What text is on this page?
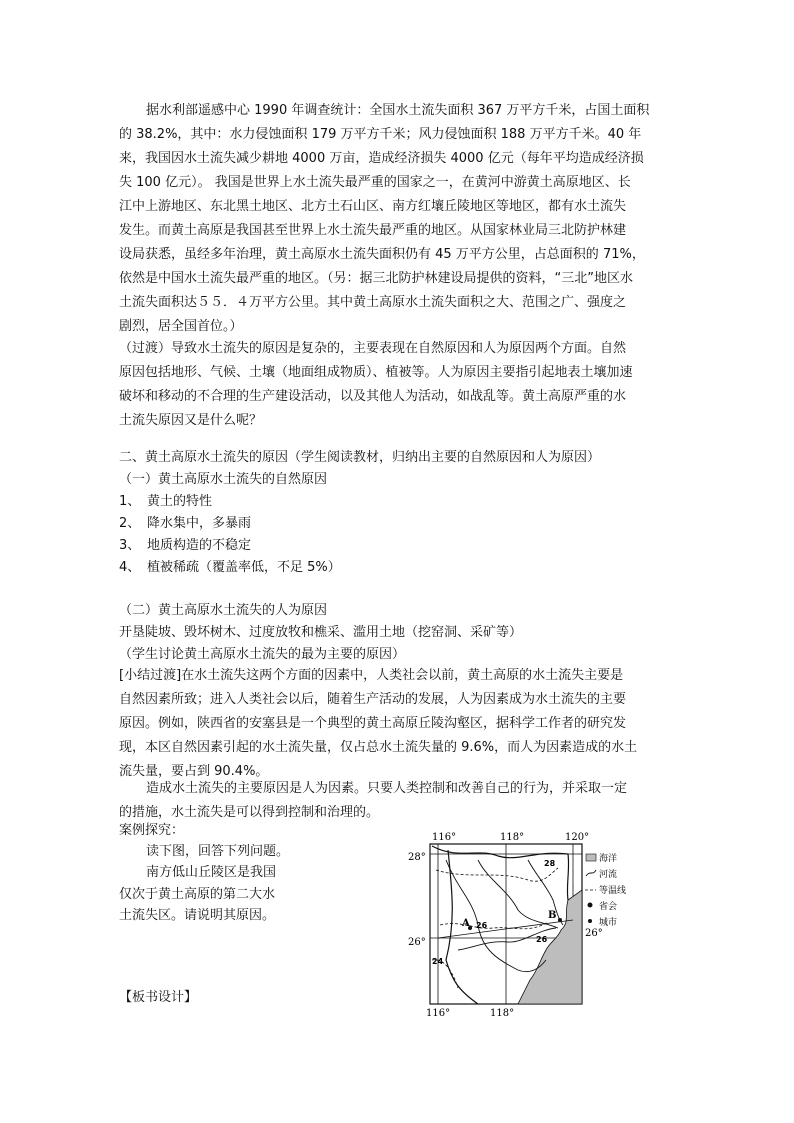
据水利部遥感中心 1990 年调查统计：全国水土流失面积 367 万平方千米，占国土面积
的 38.2%，其中：水力侵蚀面积 179 万平方千米；风力侵蚀面积 188 万平方千米。40 年
来，我国因水土流失减少耕地 4000 万亩，造成经济损失 4000 亿元（每年平均造成经济损
失 100 亿元）。 我国是世界上水土流失最严重的国家之一，在黄河中游黄土高原地区、长
江中上游地区、东北黑土地区、北方土石山区、南方红壤丘陵地区等地区，都有水土流失
发生。而黄土高原是我国甚至世界上水土流失最严重的地区。从国家林业局三北防护林建
设局获悉，虽经多年治理，黄土高原水土流失面积仍有 45 万平方公里，占总面积的 71%，
依然是中国水土流失最严重的地区。（另：据三北防护林建设局提供的资料，“三北”地区水
土流失面积达５５．４万平方公里。其中黄土高原水土流失面积之大、范围之广、强度之
剧烈，居全国首位。）
（过渡）导致水土流失的原因是复杂的，主要表现在自然原因和人为原因两个方面。自然
原因包括地形、气候、土壤（地面组成物质）、植被等。人为原因主要指引起地表土壤加速
破坏和移动的不合理的生产建设活动，以及其他人为活动，如战乱等。黄土高原严重的水
土流失原因又是什么呢？
二、黄土高原水土流失的原因（学生阅读教材，归纳出主要的自然原因和人为原因）
（一）黄土高原水土流失的自然原因
1、 黄土的特性
2、 降水集中，多暴雨
3、 地质构造的不稳定
4、 植被稀疏（覆盖率低，不足 5%）
（二）黄土高原水土流失的人为原因
开垦陡坡、毁坏树木、过度放牧和樵采、滥用土地（挖窑洞、采矿等）
（学生讨论黄土高原水土流失的最为主要的原因）
[小结过渡]在水土流失这两个方面的因素中，人类社会以前，黄土高原的水土流失主要是
自然因素所致；进入人类社会以后，随着生产活动的发展，人为因素成为水土流失的主要
原因。例如，陕西省的安塞县是一个典型的黄土高原丘陵沟壑区，据科学工作者的研究发
现，本区自然因素引起的水土流失量，仅占总水土流失量的 9.6%，而人为因素造成的水土
流失量，要占到 90.4%。
造成水土流失的主要原因是人为因素。只要人类控制和改善自己的行为，并采取一定
的措施，水土流失是可以得到控制和治理的。
案例探究：
读下图，回答下列问题。
南方低山丘陵区是我国
仅次于黄土高原的第二大水
土流失区。请说明其原因。
【板书设计】
116°	118°	120°
28°
26°
26°
116°	118°
28
26
24
26
A
B
海洋
河流
等温线
省会
城市
